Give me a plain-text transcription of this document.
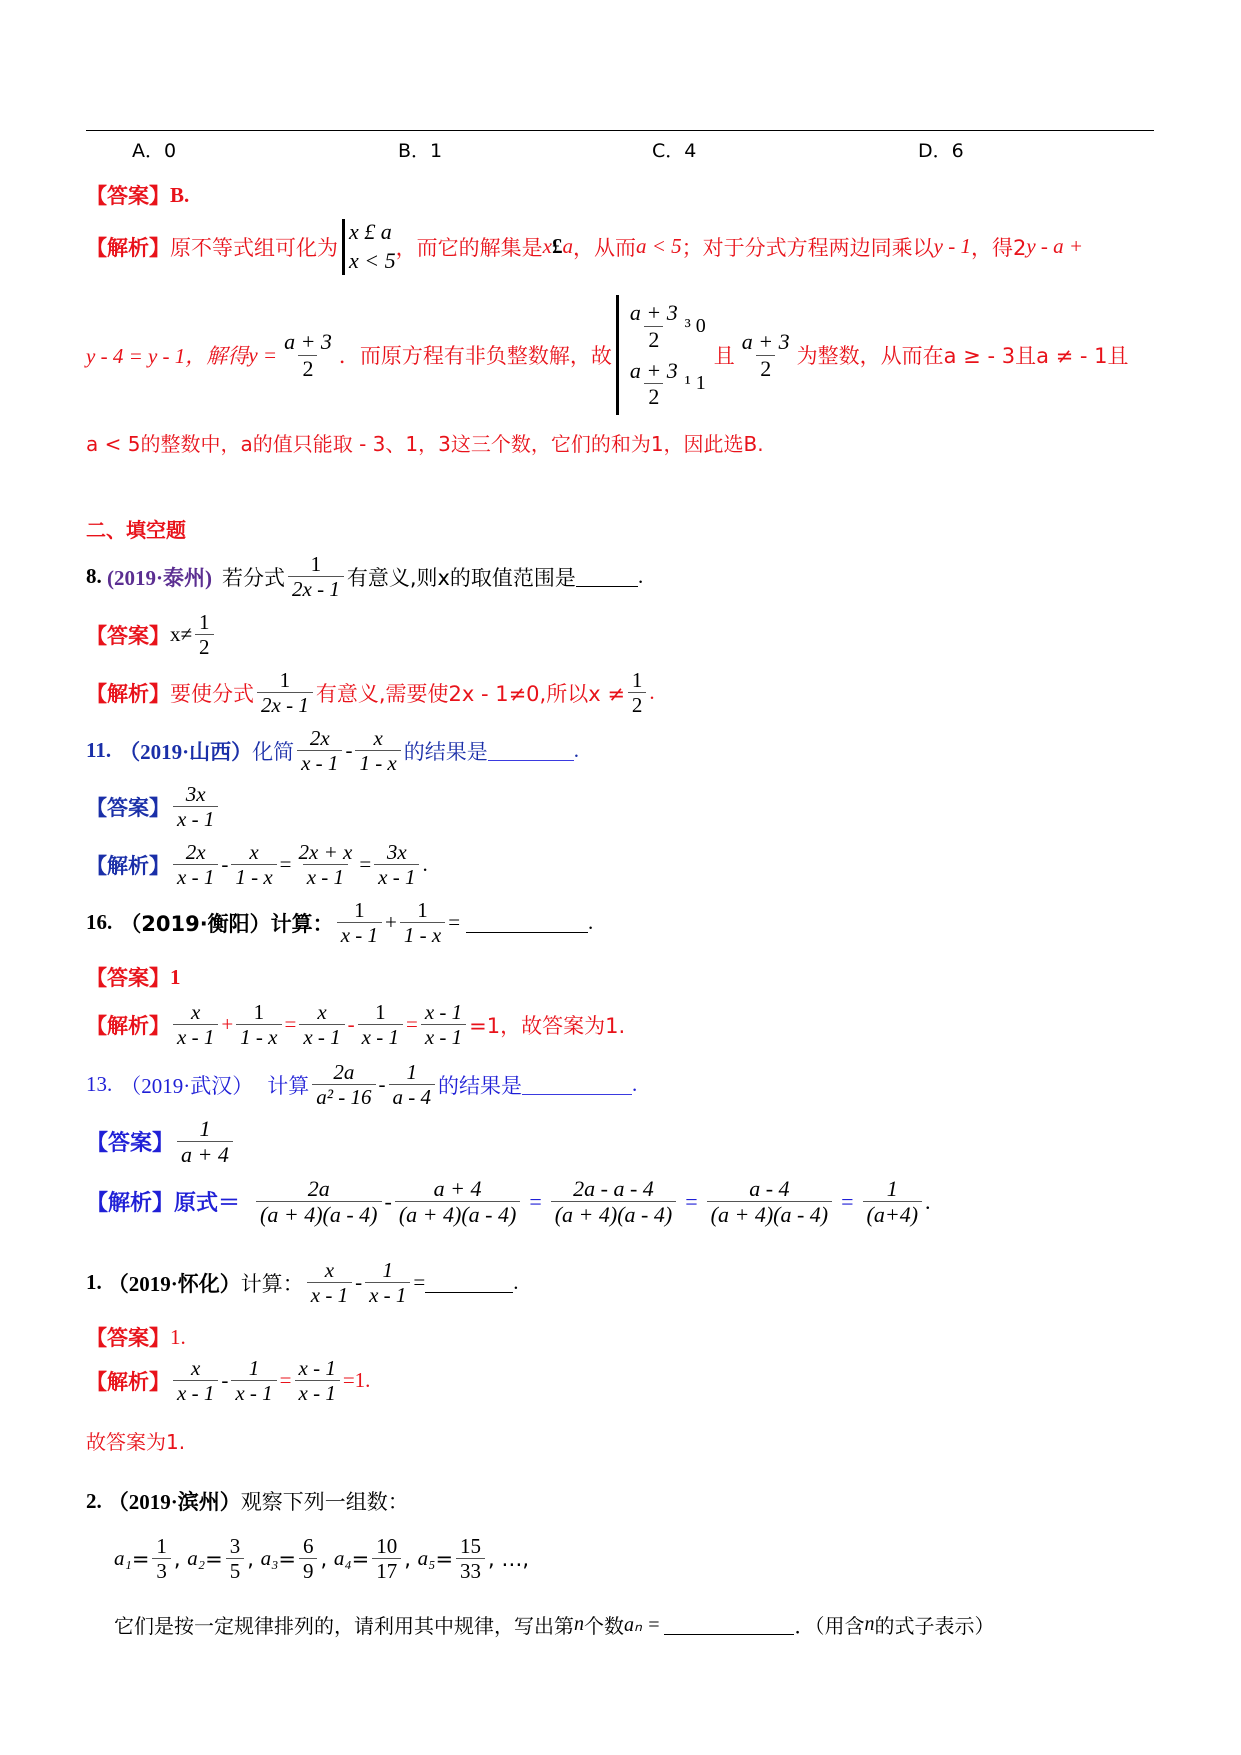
A．0	B．1	C．4	D．6
【答案】 B.
【解析】 原不等式组可化为
x £ a
x < 5 ，而它的解集是 x £ a ，从而 a < 5 ；对于分式方程两边同乘以 y - 1 ，得2 y - a +
y - 4 = y - 1，解得 $y = \frac{a + 3}{2}$ ．而原方程有非负整数解，故
$\frac{a + 3}{2} ^3$ 0
$\frac{a + 3}{2} ^1$ 1
且 $\frac{a + 3}{2}$ 为整数，从而在a ≥ - 3且a ≠ - 1且
a < 5的整数中，a的值只能取 - 3、1，3这三个数，它们的和为1，因此选B.
二、填空题
8 . (2019·泰州) 若分式 $\frac{1}{2x - 1}$ 有意义,则x的取值范围是	.
【答案】 $x\ne \frac{1}{2}$
【解析】 要使分式 $\frac{1}{2x - 1}$ 有意义,需要使2x - 1≠0,所以$x \ne \frac{1}{2}$ .
11. （2019·山西） 化简 $\frac{2x}{x - 1} - \frac{x}{1 - x}$ 的结果是	.
【答案】 $\frac{3x}{x - 1}$
【解析】 $\frac{2x}{x - 1} - \frac{x}{1 - x} = \frac{2x + x}{x - 1} = \frac{3x}{x - 1}$ .
16. （2019·衡阳）计算： $\frac{1}{x - 1} + \frac{1}{1 - x}$ =	.
【答案】 1
【解析】 $\frac{x}{x - 1} + \frac{1}{1 - x} = \frac{x}{x - 1} - \frac{1}{x - 1} = \frac{x - 1}{x - 1} =1$，故答案为1.
13. （2019·武汉） 计算 $\frac{2a}{\text{a² - 16}} - \frac{1}{a - 4}$ 的结果是	.
【答案】 $\frac{1}{a + 4}$
【解析】原式＝ $\frac{2a}{(a + 4)(a - 4)} - \frac{a + 4}{(a + 4)(a - 4)} = \frac{2a - a - 4}{(a + 4)(a - 4)} = \frac{a - 4}{(a + 4)(a - 4)} = \frac{1}{(a+4)}$ .
1. （2019·怀化） 计算： $\frac{x}{x - 1} - \frac{1}{x - 1}$ =	.
【答案】 1.
【解析】 $\frac{x}{x - 1} - \frac{1}{x - 1} = \frac{x - 1}{x - 1} =1$.
故答案为1.
2. （2019·滨州） 观察下列一组数：
$a_1 = \frac{1}{3}$ , $a_2 = \frac{3}{5}$ , $a_3 = \frac{6}{9}$ , $a_4 = \frac{10}{17}$ , $a_5 = \frac{15}{33}$ , …,
它们是按一定规律排列的，请利用其中规律，写出第 n 个数 aₙ =	．（用含 n 的式子表示）
